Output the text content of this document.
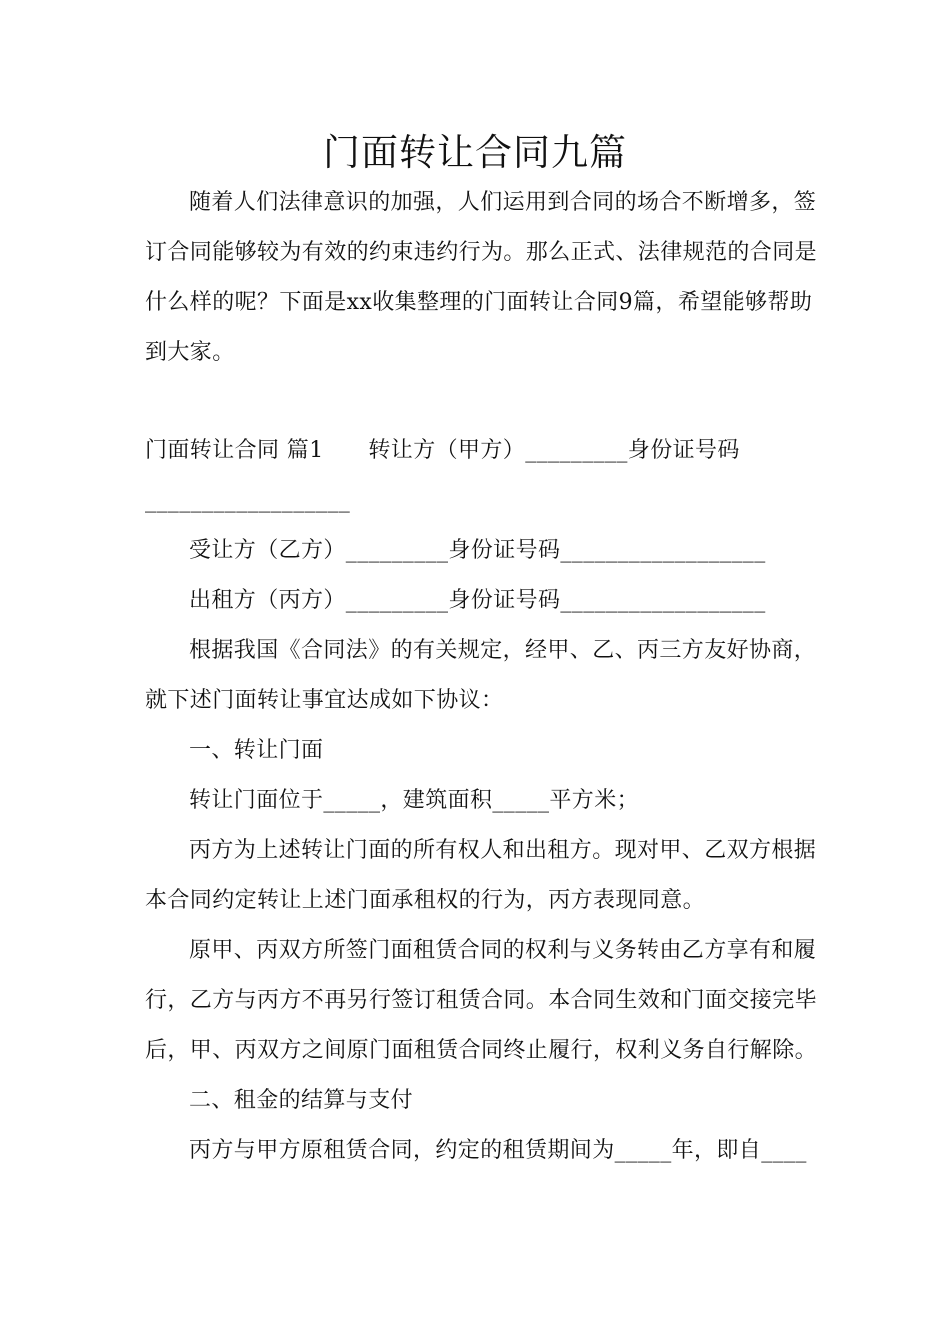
门面转让合同九篇

随着人们法律意识的加强，人们运用到合同的场合不断增多，签订合同能够较为有效的约束违约行为。那么正式、法律规范的合同是什么样的呢？下面是xx收集整理的门面转让合同9篇，希望能够帮助到大家。

门面转让合同 篇1　　转让方（甲方）_________身份证号码__________________

受让方（乙方）_________身份证号码__________________

出租方（丙方）_________身份证号码__________________

根据我国《合同法》的有关规定，经甲、乙、丙三方友好协商，就下述门面转让事宜达成如下协议：

一、转让门面

转让门面位于_____，建筑面积_____平方米；

丙方为上述转让门面的所有权人和出租方。现对甲、乙双方根据本合同约定转让上述门面承租权的行为，丙方表现同意。

原甲、丙双方所签门面租赁合同的权利与义务转由乙方享有和履行，乙方与丙方不再另行签订租赁合同。本合同生效和门面交接完毕后，甲、丙双方之间原门面租赁合同终止履行，权利义务自行解除。

二、租金的结算与支付

丙方与甲方原租赁合同，约定的租赁期间为_____年，即自____
